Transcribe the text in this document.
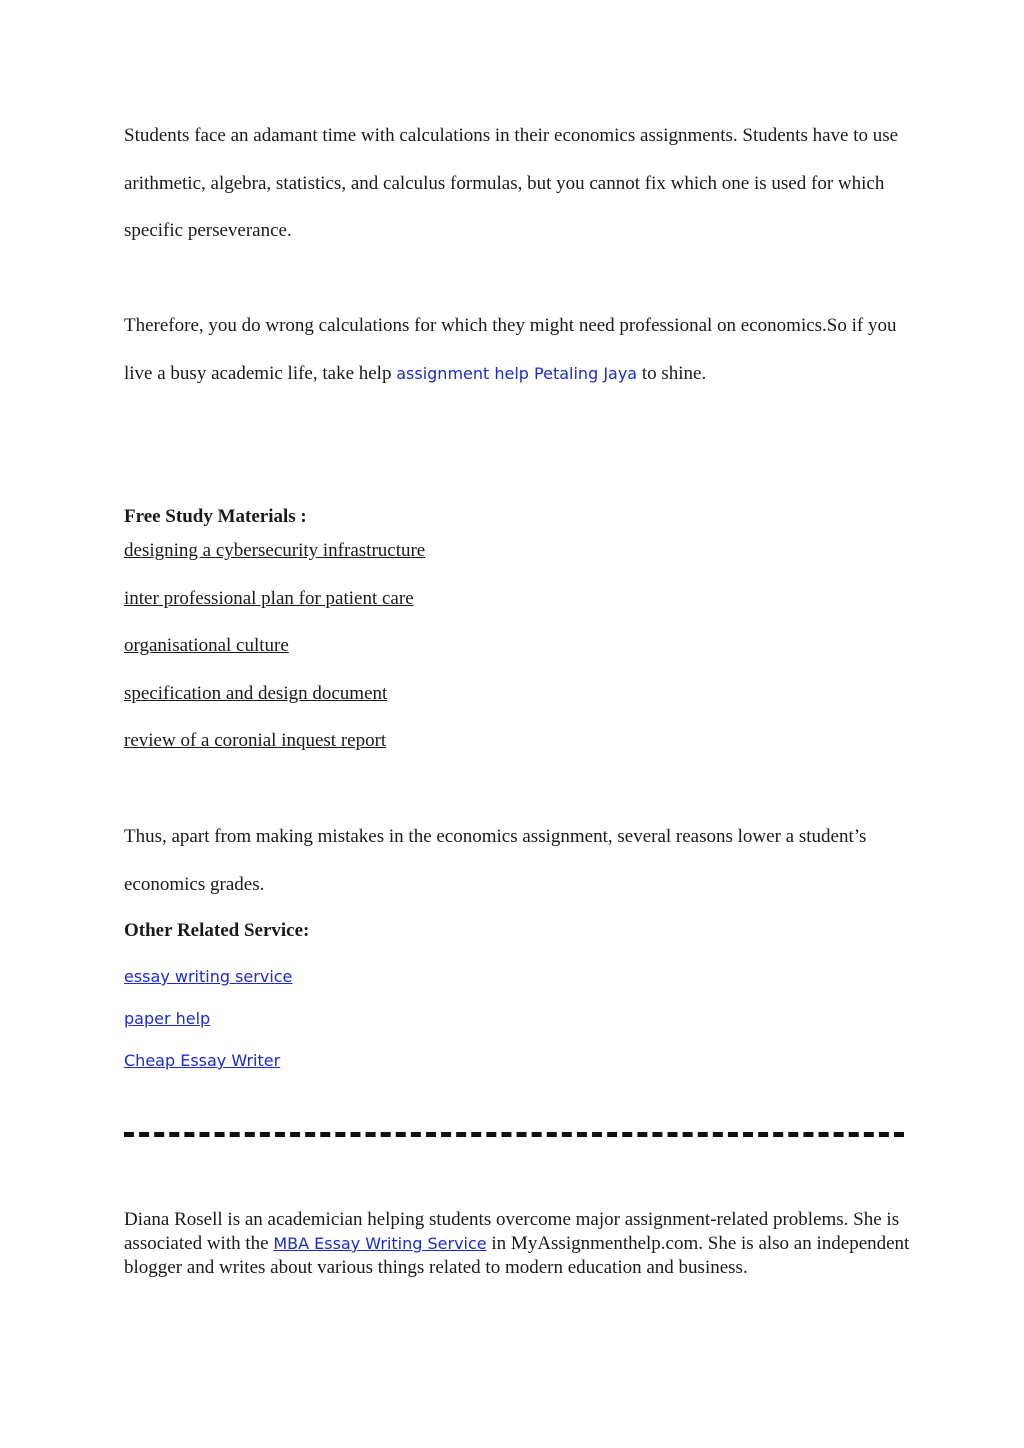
Students face an adamant time with calculations in their economics assignments. Students have to use arithmetic, algebra, statistics, and calculus formulas, but you cannot fix which one is used for which specific perseverance.

Therefore, you do wrong calculations for which they might need professional on economics.So if you live a busy academic life, take help assignment help Petaling Jaya to shine.

Free Study Materials :
designing a cybersecurity infrastructure
inter professional plan for patient care
organisational culture
specification and design document
review of a coronial inquest report

Thus, apart from making mistakes in the economics assignment, several reasons lower a student’s economics grades.

Other Related Service:
essay writing service
paper help
Cheap Essay Writer

Diana Rosell is an academician helping students overcome major assignment-related problems. She is associated with the MBA Essay Writing Service in MyAssignmenthelp.com. She is also an independent blogger and writes about various things related to modern education and business.
